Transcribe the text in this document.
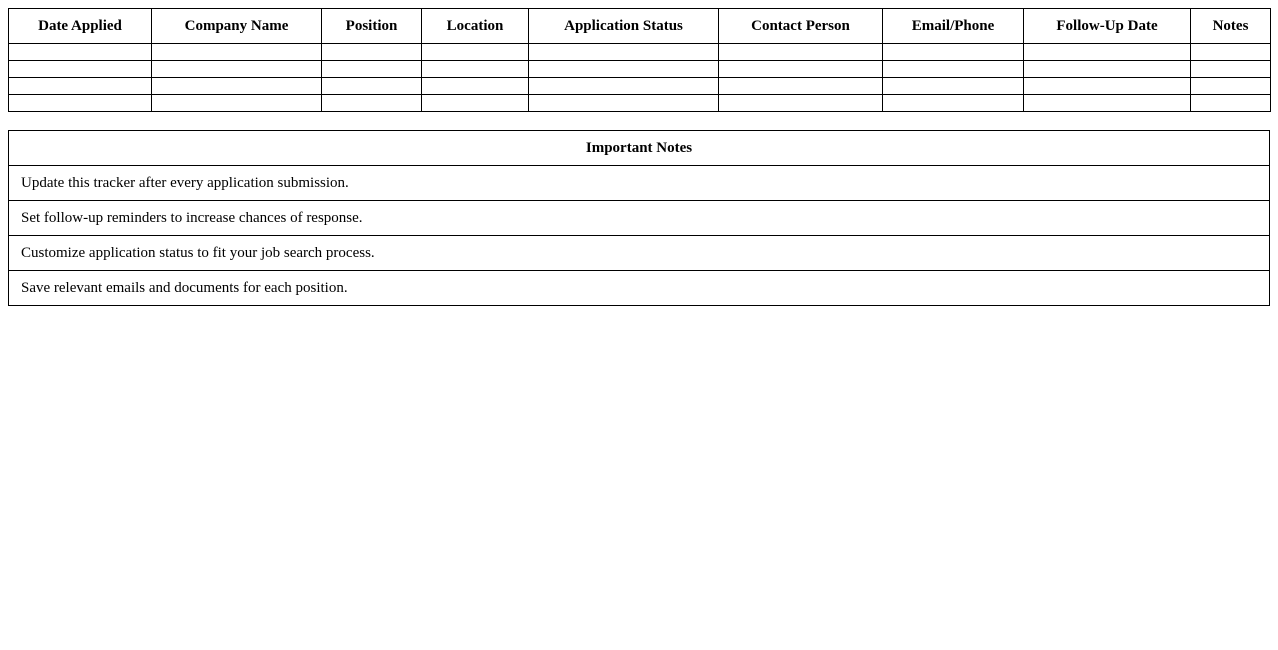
Date Applied	Company Name	Position	Location	Application Status	Contact Person	Email/Phone	Follow-Up Date	Notes

Important Notes
Update this tracker after every application submission.
Set follow-up reminders to increase chances of response.
Customize application status to fit your job search process.
Save relevant emails and documents for each position.
